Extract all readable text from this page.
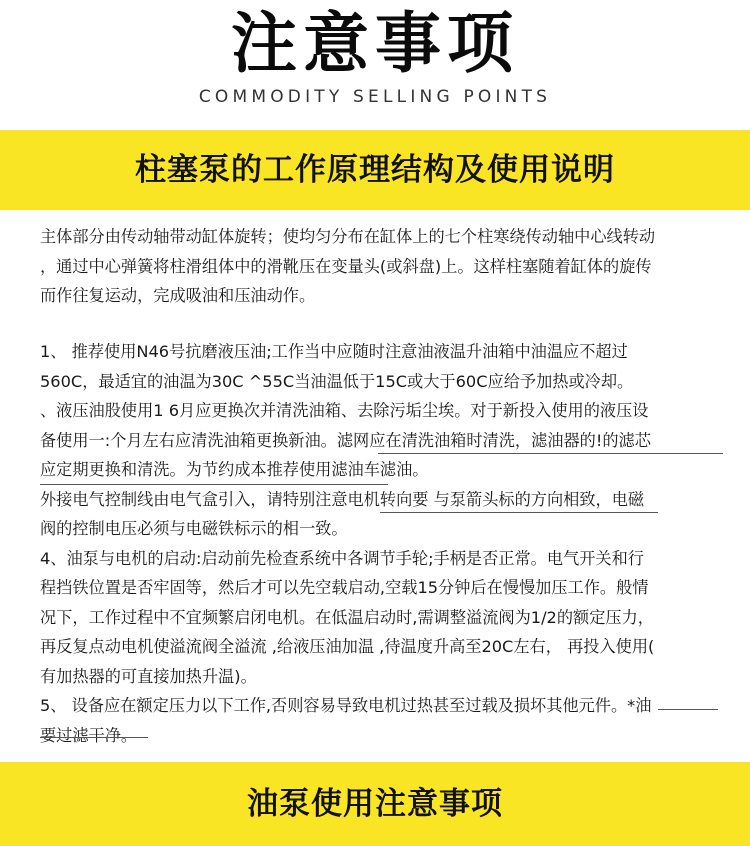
注意事项
COMMODITY SELLING POINTS
柱塞泵的工作原理结构及使用说明
主体部分由传动轴带动缸体旋转；使均匀分布在缸体上的七个柱寒绕传动轴中心线转动
，通过中心弹簧将柱滑组体中的滑靴压在变量头(或斜盘)上。这样柱塞随着缸体的旋传
而作往复运动，完成吸油和压油动作。
1、 推荐使用N46号抗磨液压油;工作当中应随时注意油液温升油箱中油温应不超过
560C，最适宜的油温为30C ^55C当油温低于15C或大于60C应给予加热或冷却。
、液压油股使用1 6月应更换次并清洗油箱、去除污垢尘埃。对于新投入使用的液压设
备使用一:个月左右应清洗油箱更换新油。滤网应在清洗油箱时清洗，滤油器的!的滤芯
应定期更换和清洗。为节约成本推荐使用滤油车滤油。
外接电气控制线由电气盒引入，请特别注意电机转向要 与泵箭头标的方向相致，电磁
阀的控制电压必须与电磁铁标示的相一致。
4、油泵与电机的启动:启动前先检查系统中各调节手轮;手柄是否正常。电气开关和行
程挡铁位置是否牢固等，然后才可以先空载启动,空载15分钟后在慢慢加压工作。般情
况下，工作过程中不宜频繁启闭电机。在低温启动时,需调整溢流阀为1/2的额定压力，
再反复点动电机使溢流阀全溢流 ,给液压油加温 ,待温度升高至20C左右， 再投入使用(
有加热器的可直接加热升温)。
5、 设备应在额定压力以下工作,否则容易导致电机过热甚至过载及损坏其他元件。*油
要过滤干净。
油泵使用注意事项
